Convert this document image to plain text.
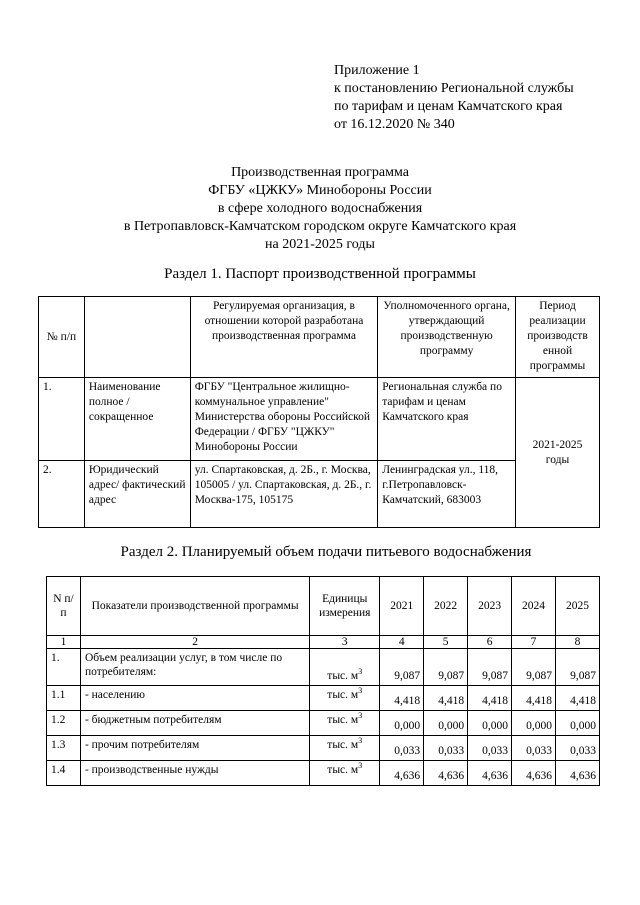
Приложение 1
к постановлению Региональной службы
по тарифам и ценам Камчатского края
от 16.12.2020 № 340
Производственная программа
ФГБУ «ЦЖКУ» Минобороны России
в сфере холодного водоснабжения
в Петропавловск-Камчатском городском округе Камчатского края
на 2021-2025 годы
Раздел 1. Паспорт производственной программы
№ п/п		Регулируемая организация, в отношении которой разработана производственная программа	Уполномоченного органа, утверждающий производственную программу	Период реализации производств енной программы
1.	Наименование полное / сокращенное	ФГБУ "Центральное жилищно-коммунальное управление" Министерства обороны Российской Федерации / ФГБУ "ЦЖКУ" Минобороны России	Региональная служба по тарифам и ценам Камчатского края	2021-2025 годы
2.	Юридический адрес/ фактический адрес	ул. Спартаковская, д. 2Б., г. Москва, 105005 / ул. Спартаковская, д. 2Б., г. Москва-175, 105175	Ленинградская ул., 118, г.Петропавловск-Камчатский, 683003	
Раздел 2. Планируемый объем подачи питьевого водоснабжения
N п/п	Показатели производственной программы	Единицы измерения	2021	2022	2023	2024	2025
1	2	3	4	5	6	7	8
1.	Объем реализации услуг, в том числе по потребителям:	тыс. $м^3$	9,087	9,087	9,087	9,087	9,087
1.1	- населению	тыс. $м^3$	4,418	4,418	4,418	4,418	4,418
1.2	- бюджетным потребителям	тыс. $м^3$	0,000	0,000	0,000	0,000	0,000
1.3	- прочим потребителям	тыс. $м^3$	0,033	0,033	0,033	0,033	0,033
1.4	- производственные нужды	тыс. $м^3$	4,636	4,636	4,636	4,636	4,636
